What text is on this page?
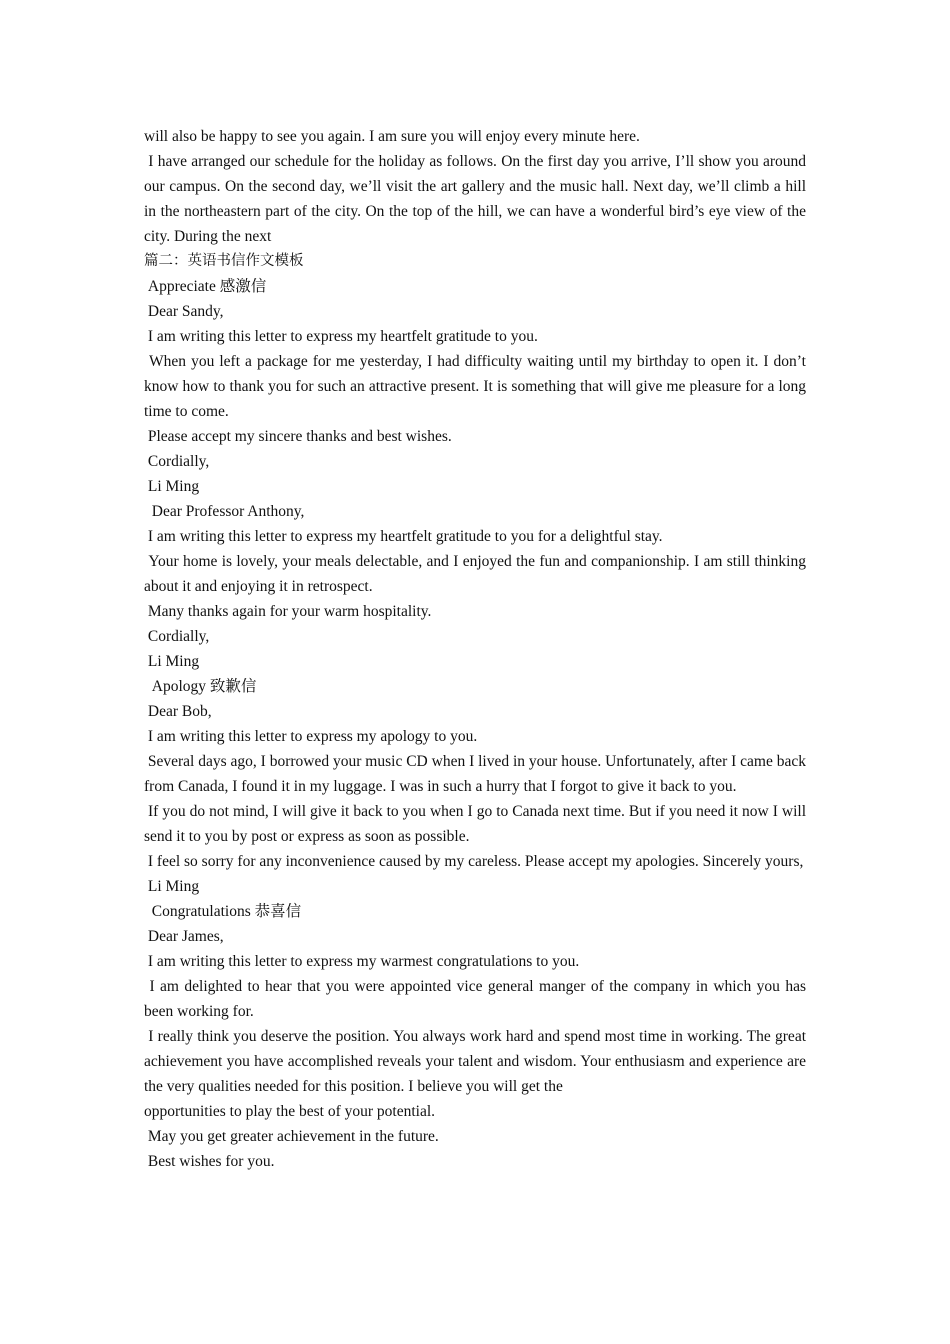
will also be happy to see you again. I am sure you will enjoy every minute here.

I have arranged our schedule for the holiday as follows. On the first day you arrive, I’ll show you around our campus. On the second day, we’ll visit the art gallery and the music hall. Next day, we’ll climb a hill in the northeastern part of the city. On the top of the hill, we can have a wonderful bird’s eye view of the city. During the next

篇二：英语书信作文模板

Appreciate 感激信

Dear Sandy,

I am writing this letter to express my heartfelt gratitude to you.

When you left a package for me yesterday, I had difficulty waiting until my birthday to open it. I don’t know how to thank you for such an attractive present. It is something that will give me pleasure for a long time to come.

Please accept my sincere thanks and best wishes.

Cordially,

Li Ming

Dear Professor Anthony,

I am writing this letter to express my heartfelt gratitude to you for a delightful stay.

Your home is lovely, your meals delectable, and I enjoyed the fun and companionship. I am still thinking about it and enjoying it in retrospect.

Many thanks again for your warm hospitality.

Cordially,

Li Ming

Apology 致歉信

Dear Bob,

I am writing this letter to express my apology to you.

Several days ago, I borrowed your music CD when I lived in your house. Unfortunately, after I came back from Canada, I found it in my luggage. I was in such a hurry that I forgot to give it back to you.

If you do not mind, I will give it back to you when I go to Canada next time. But if you need it now I will send it to you by post or express as soon as possible.

I feel so sorry for any inconvenience caused by my careless. Please accept my apologies. Sincerely yours,

Li Ming

Congratulations 恭喜信

Dear James,

I am writing this letter to express my warmest congratulations to you.

I am delighted to hear that you were appointed vice general manger of the company in which you has been working for.

I really think you deserve the position. You always work hard and spend most time in working. The great achievement you have accomplished reveals your talent and wisdom. Your enthusiasm and experience are the very qualities needed for this position. I believe you will get the

opportunities to play the best of your potential.

May you get greater achievement in the future.

Best wishes for you.
